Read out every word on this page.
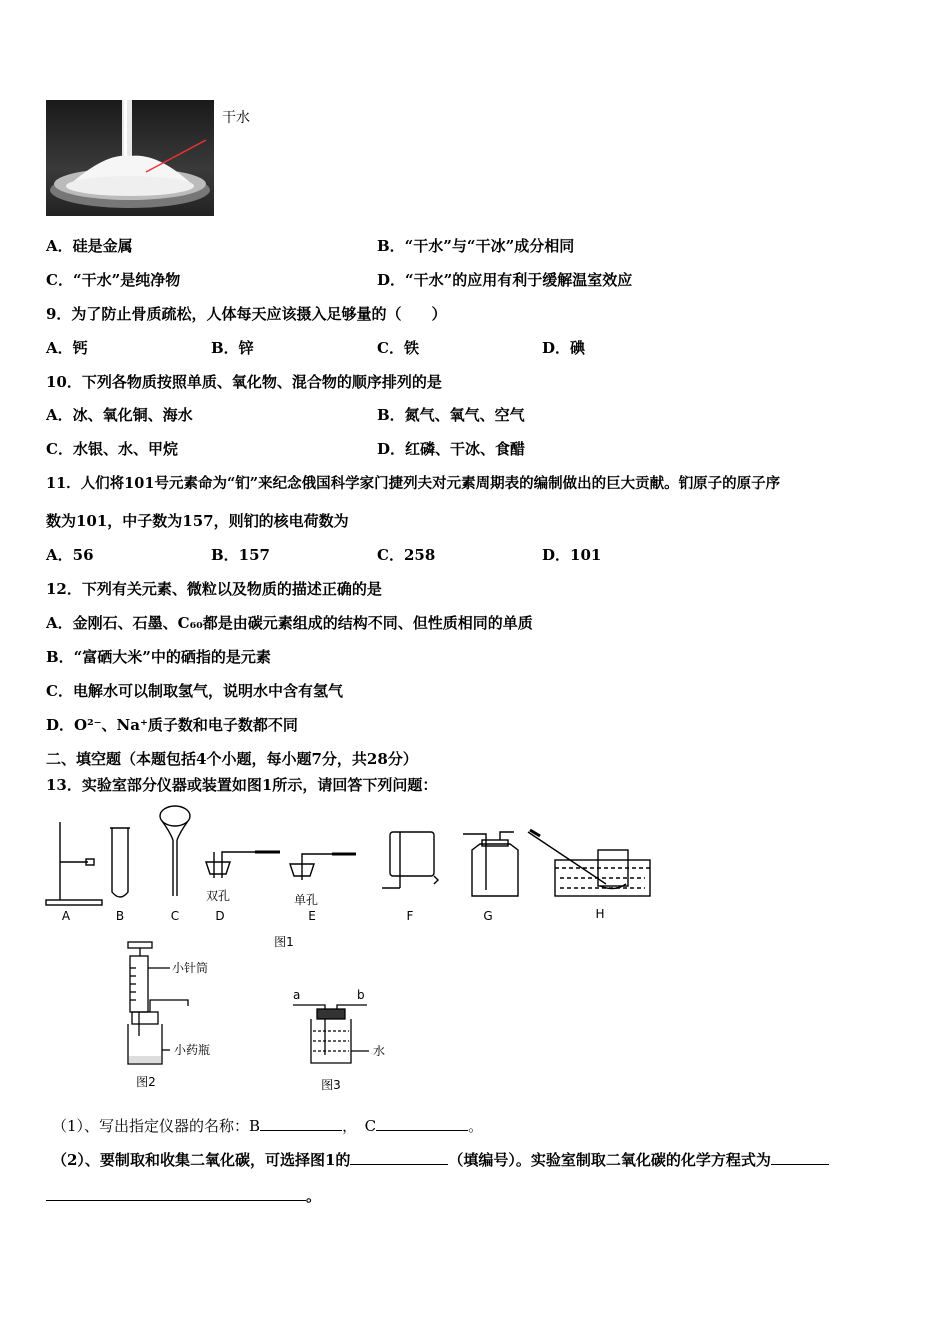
干水
A．硅是金属	B．“干水”与“干冰”成分相同
C．“干水”是纯净物	D．“干水”的应用有利于缓解温室效应
9．为了防止骨质疏松，人体每天应该摄入足够量的（　　）
A．钙	B．锌	C．铁	D．碘
10．下列各物质按照单质、氧化物、混合物的顺序排列的是
A．冰、氧化铜、海水	B．氮气、氧气、空气
C．水银、水、甲烷	D．红磷、干冰、食醋
11．人们将101号元素命为“钔”来纪念俄国科学家门捷列夫对元素周期表的编制做出的巨大贡献。钔原子的原子序
数为101，中子数为157，则钔的核电荷数为
A．56	B．157	C．258	D．101
12．下列有关元素、微粒以及物质的描述正确的是
A．金刚石、石墨、C₆₀都是由碳元素组成的结构不同、但性质相同的单质
B．“富硒大米”中的硒指的是元素
C．电解水可以制取氢气，说明水中含有氢气
D．O²⁻、Na⁺质子数和电子数都不同
二、填空题（本题包括4个小题，每小题7分，共28分）
13．实验室部分仪器或装置如图1所示，请回答下列问题：
A	B	C
双孔
D
单孔
E	F	G	H
图1
小针筒
小药瓶
图2
a	b
水
图3
（1）、写出指定仪器的名称：B	，　C	。
（2）、要制取和收集二氧化碳，可选择图1的	（填编号）。实验室制取二氧化碳的化学方程式为
。
